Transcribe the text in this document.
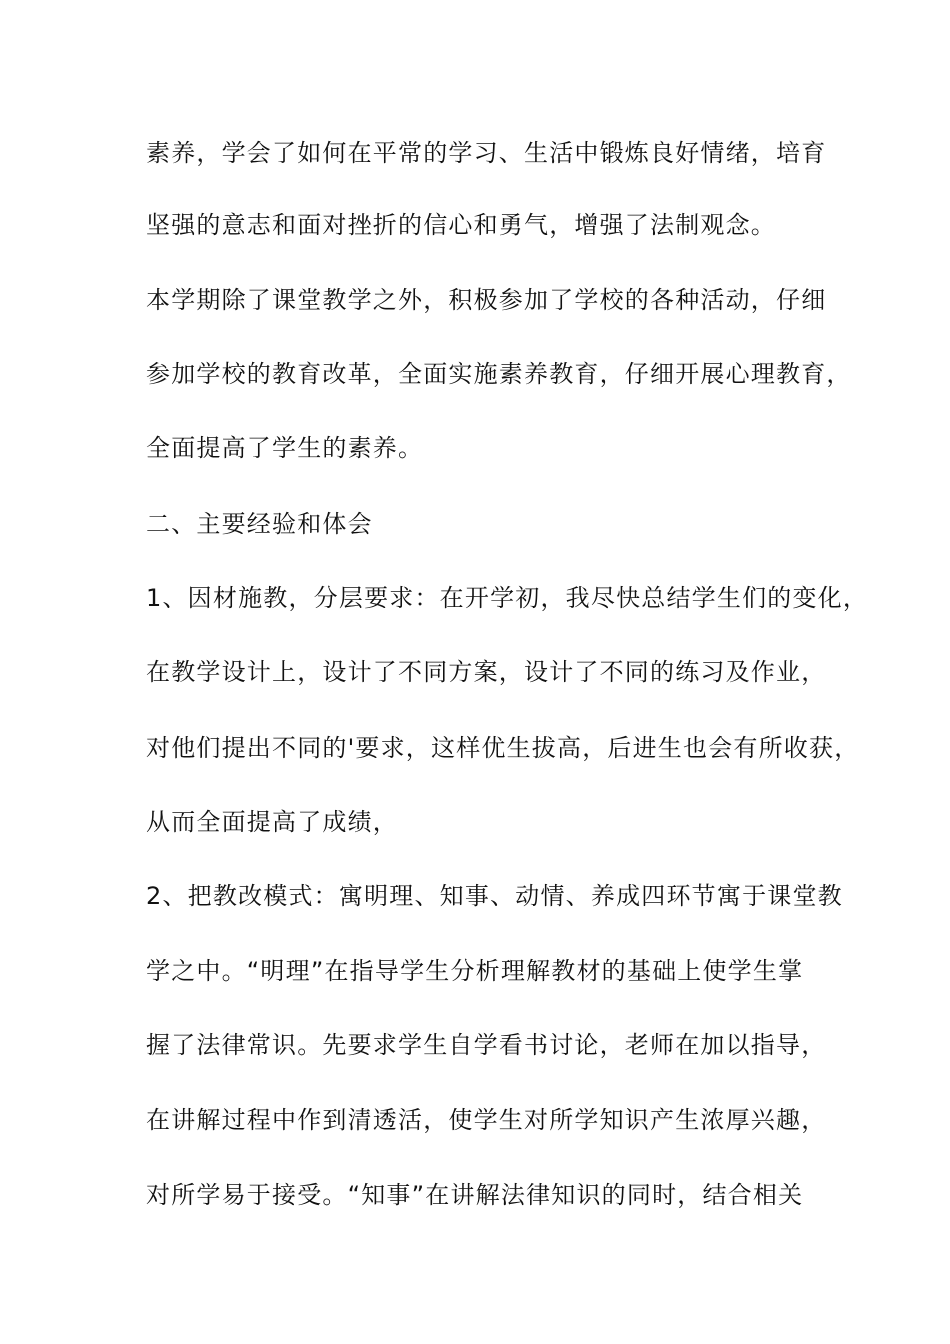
素养，学会了如何在平常的学习、生活中锻炼良好情绪，培育
坚强的意志和面对挫折的信心和勇气，增强了法制观念。
本学期除了课堂教学之外，积极参加了学校的各种活动，仔细
参加学校的教育改革，全面实施素养教育，仔细开展心理教育，
全面提高了学生的素养。
二、主要经验和体会
1、因材施教，分层要求：在开学初，我尽快总结学生们的变化，
在教学设计上，设计了不同方案，设计了不同的练习及作业，
对他们提出不同的'要求，这样优生拔高，后进生也会有所收获，
从而全面提高了成绩，
2、把教改模式：寓明理、知事、动情、养成四环节寓于课堂教
学之中。“明理”在指导学生分析理解教材的基础上使学生掌
握了法律常识。先要求学生自学看书讨论，老师在加以指导，
在讲解过程中作到清透活，使学生对所学知识产生浓厚兴趣，
对所学易于接受。“知事”在讲解法律知识的同时，结合相关
